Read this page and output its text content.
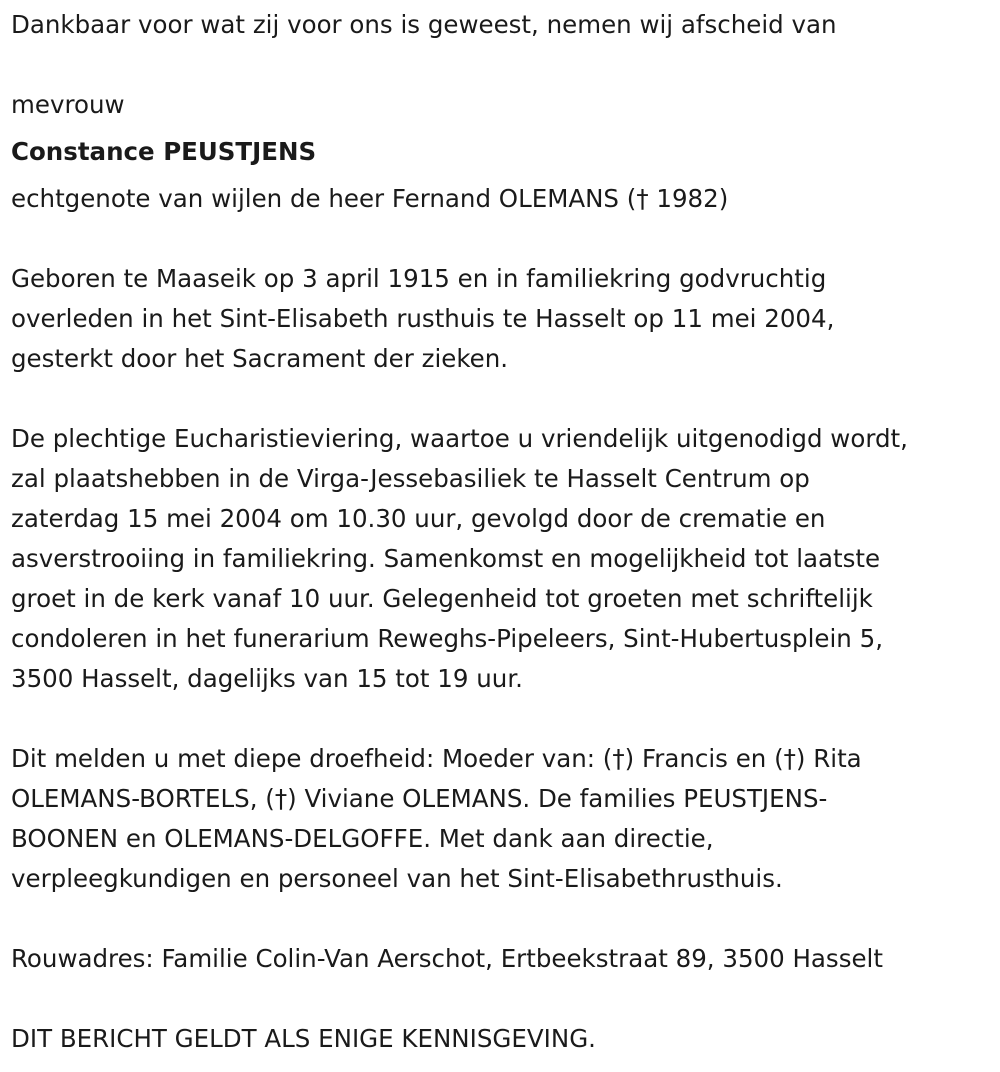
Dankbaar voor wat zij voor ons is geweest, nemen wij afscheid van

mevrouw

Constance PEUSTJENS

echtgenote van wijlen de heer Fernand OLEMANS († 1982)

Geboren te Maaseik op 3 april 1915 en in familiekring godvruchtig

overleden in het Sint-Elisabeth rusthuis te Hasselt op 11 mei 2004,

gesterkt door het Sacrament der zieken.

De plechtige Eucharistieviering, waartoe u vriendelijk uitgenodigd wordt,

zal plaatshebben in de Virga-Jessebasiliek te Hasselt Centrum op

zaterdag 15 mei 2004 om 10.30 uur, gevolgd door de crematie en

asverstrooiing in familiekring. Samenkomst en mogelijkheid tot laatste

groet in de kerk vanaf 10 uur. Gelegenheid tot groeten met schriftelijk

condoleren in het funerarium Reweghs-Pipeleers, Sint-Hubertusplein 5,

3500 Hasselt, dagelijks van 15 tot 19 uur.

Dit melden u met diepe droefheid: Moeder van: (†) Francis en (†) Rita

OLEMANS-BORTELS, (†) Viviane OLEMANS. De families PEUSTJENS-

BOONEN en OLEMANS-DELGOFFE. Met dank aan directie,

verpleegkundigen en personeel van het Sint-Elisabethrusthuis.

Rouwadres: Familie Colin-Van Aerschot, Ertbeekstraat 89, 3500 Hasselt

DIT BERICHT GELDT ALS ENIGE KENNISGEVING.
